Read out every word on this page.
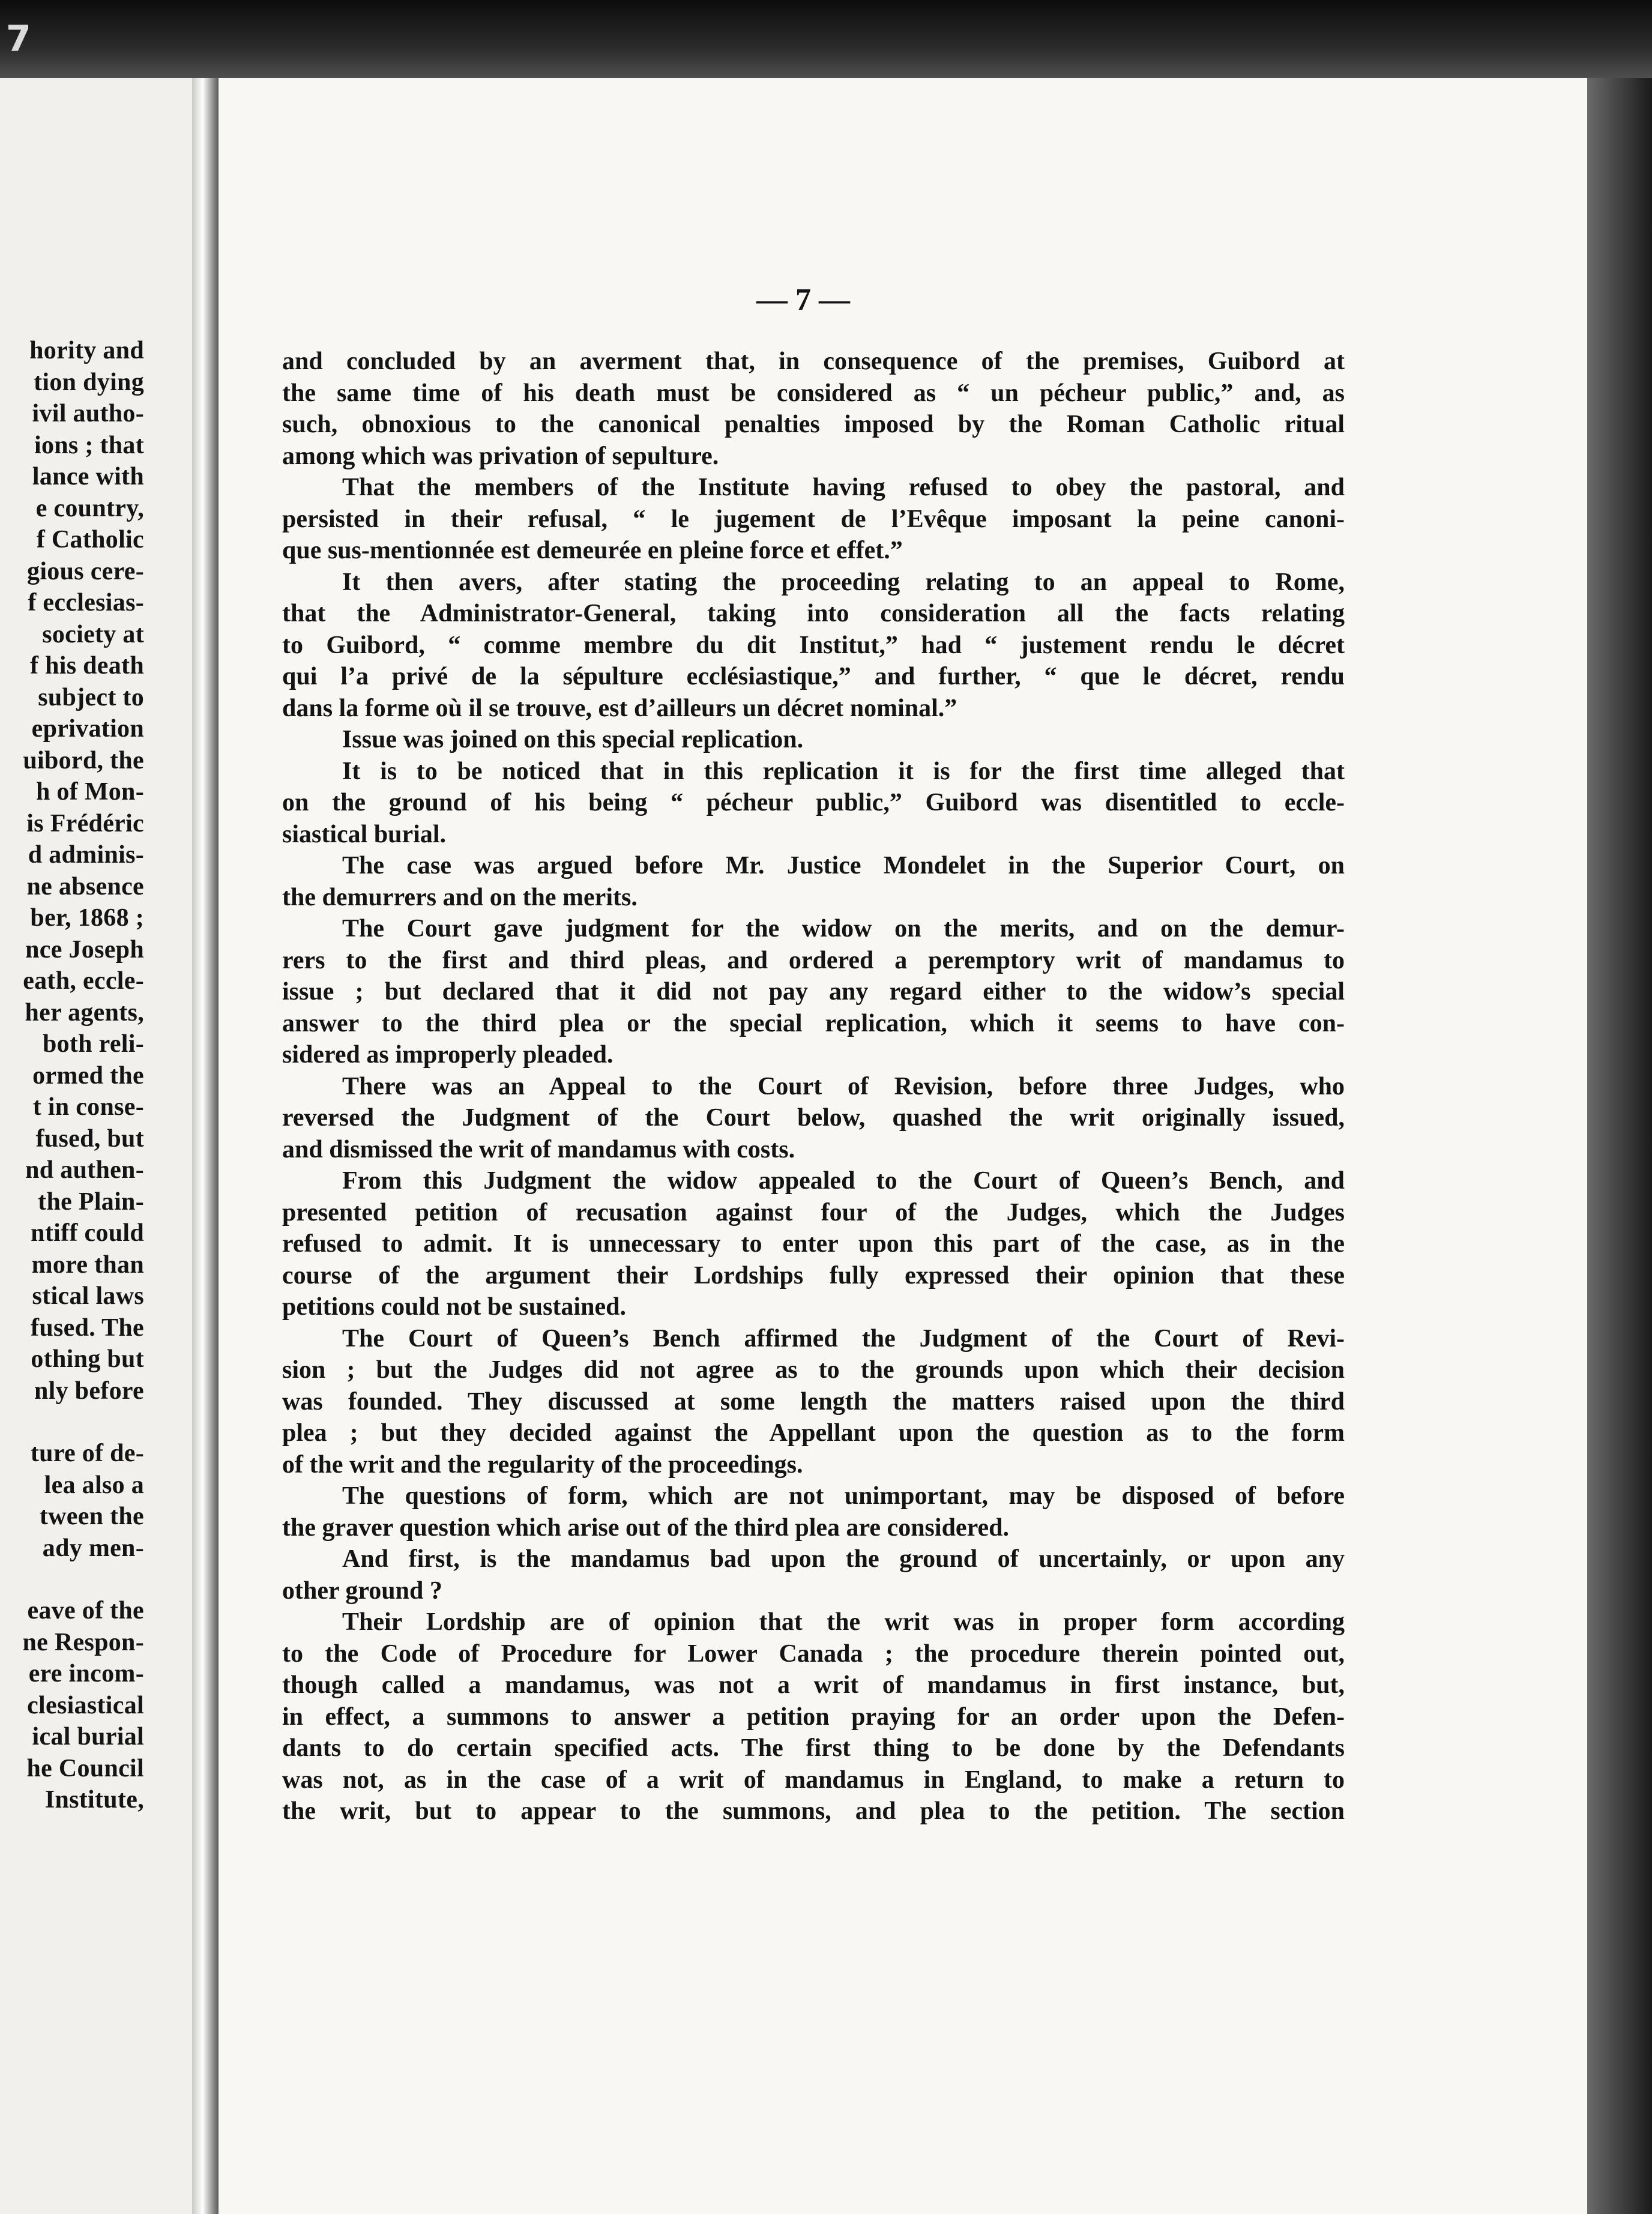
7
hority and
tion dying
ivil autho-
ions ; that
lance with
e country,
f Catholic
gious cere-
f ecclesias-
society at
f his death
subject to
eprivation
uibord, the
h of Mon-
is Frédéric
d adminis-
ne absence
ber, 1868 ;
nce Joseph
eath, eccle-
her agents,
both reli-
ormed the
t in conse-
fused, but
nd authen-
the Plain-
ntiff could
more than
stical laws
fused. The
othing but
nly before
ture of de-
lea also a
tween the
ady men-
eave of the
ne Respon-
ere incom-
clesiastical
ical burial
he Council
Institute,
— 7 —
and concluded by an averment that, in consequence of the premises, Guibord at
the same time of his death must be considered as “ un pécheur public,” and, as
such, obnoxious to the canonical penalties imposed by the Roman Catholic ritual
among which was privation of sepulture.
That the members of the Institute having refused to obey the pastoral, and
persisted in their refusal, “ le jugement de l’Evêque imposant la peine canoni-
que sus-mentionnée est demeurée en pleine force et effet.”
It then avers, after stating the proceeding relating to an appeal to Rome,
that the Administrator-General, taking into consideration all the facts relating
to Guibord, “ comme membre du dit Institut,” had “ justement rendu le décret
qui l’a privé de la sépulture ecclésiastique,” and further, “ que le décret, rendu
dans la forme où il se trouve, est d’ailleurs un décret nominal.”
Issue was joined on this special replication.
It is to be noticed that in this replication it is for the first time alleged that
on the ground of his being “ pécheur public,” Guibord was disentitled to eccle-
siastical burial.
The case was argued before Mr. Justice Mondelet in the Superior Court, on
the demurrers and on the merits.
The Court gave judgment for the widow on the merits, and on the demur-
rers to the first and third pleas, and ordered a peremptory writ of mandamus to
issue ; but declared that it did not pay any regard either to the widow’s special
answer to the third plea or the special replication, which it seems to have con-
sidered as improperly pleaded.
There was an Appeal to the Court of Revision, before three Judges, who
reversed the Judgment of the Court below, quashed the writ originally issued,
and dismissed the writ of mandamus with costs.
From this Judgment the widow appealed to the Court of Queen’s Bench, and
presented petition of recusation against four of the Judges, which the Judges
refused to admit. It is unnecessary to enter upon this part of the case, as in the
course of the argument their Lordships fully expressed their opinion that these
petitions could not be sustained.
The Court of Queen’s Bench affirmed the Judgment of the Court of Revi-
sion ; but the Judges did not agree as to the grounds upon which their decision
was founded. They discussed at some length the matters raised upon the third
plea ; but they decided against the Appellant upon the question as to the form
of the writ and the regularity of the proceedings.
The questions of form, which are not unimportant, may be disposed of before
the graver question which arise out of the third plea are considered.
And first, is the mandamus bad upon the ground of uncertainly, or upon any
other ground ?
Their Lordship are of opinion that the writ was in proper form according
to the Code of Procedure for Lower Canada ; the procedure therein pointed out,
though called a mandamus, was not a writ of mandamus in first instance, but,
in effect, a summons to answer a petition praying for an order upon the Defen-
dants to do certain specified acts. The first thing to be done by the Defendants
was not, as in the case of a writ of mandamus in England, to make a return to
the writ, but to appear to the summons, and plea to the petition. The section
